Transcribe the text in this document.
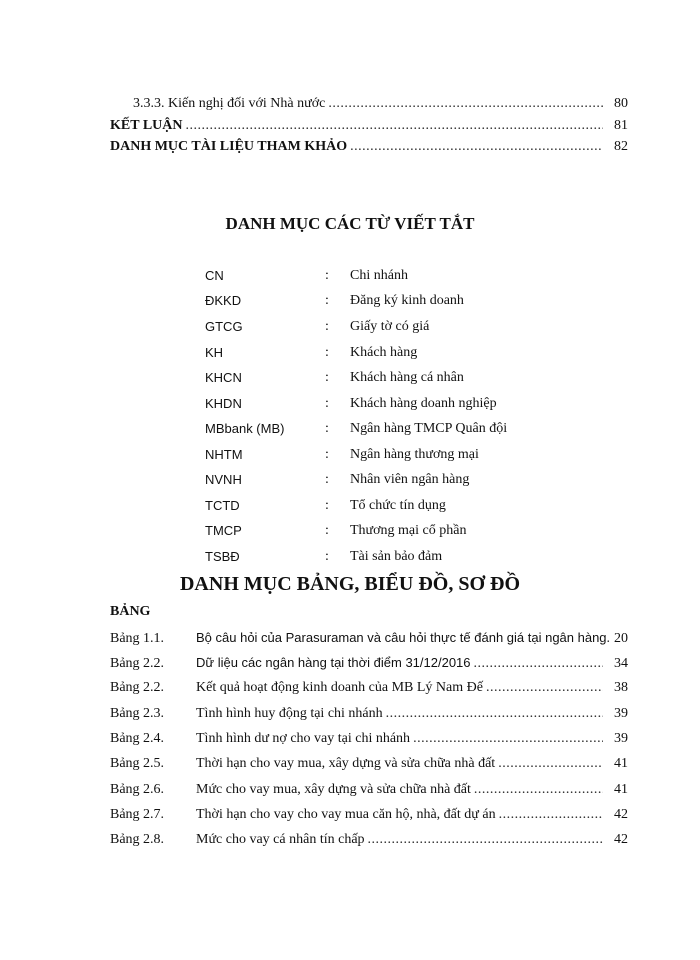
3.3.3. Kiến nghị đối với Nhà nước .....	80
KẾT LUẬN .....	81
DANH MỤC TÀI LIỆU THAM KHẢO .....	82
DANH MỤC CÁC TỪ VIẾT TẮT
CN	: Chi nhánh
ĐKKD	: Đăng ký kinh doanh
GTCG	: Giấy tờ có giá
KH	: Khách hàng
KHCN	: Khách hàng cá nhân
KHDN	: Khách hàng doanh nghiệp
MBbank (MB)	: Ngân hàng TMCP Quân đội
NHTM	: Ngân hàng thương mại
NVNH	: Nhân viên ngân hàng
TCTD	: Tổ chức tín dụng
TMCP	: Thương mại cổ phần
TSBĐ	: Tài sản bảo đảm
DANH MỤC BẢNG, BIỂU ĐỒ, SƠ ĐỒ
BẢNG
Bảng 1.1.	Bộ câu hỏi của Parasuraman và câu hỏi thực tế đánh giá tại ngân hàng ..... 20
Bảng 2.2.	Dữ liệu các ngân hàng tại thời điểm 31/12/2016 .....	34
Bảng 2.2.	Kết quả hoạt động kinh doanh của MB Lý Nam Đế .....	38
Bảng 2.3.	Tình hình huy động tại chi nhánh .....	39
Bảng 2.4.	Tình hình dư nợ cho vay tại chi nhánh .....	39
Bảng 2.5.	Thời hạn cho vay mua, xây dựng và sửa chữa nhà đất .....	41
Bảng 2.6.	Mức cho vay mua, xây dựng và sửa chữa nhà đất .....	41
Bảng 2.7.	Thời hạn cho vay cho vay mua căn hộ, nhà, đất dự án .....	42
Bảng 2.8.	Mức cho vay cá nhân tín chấp .....	42
